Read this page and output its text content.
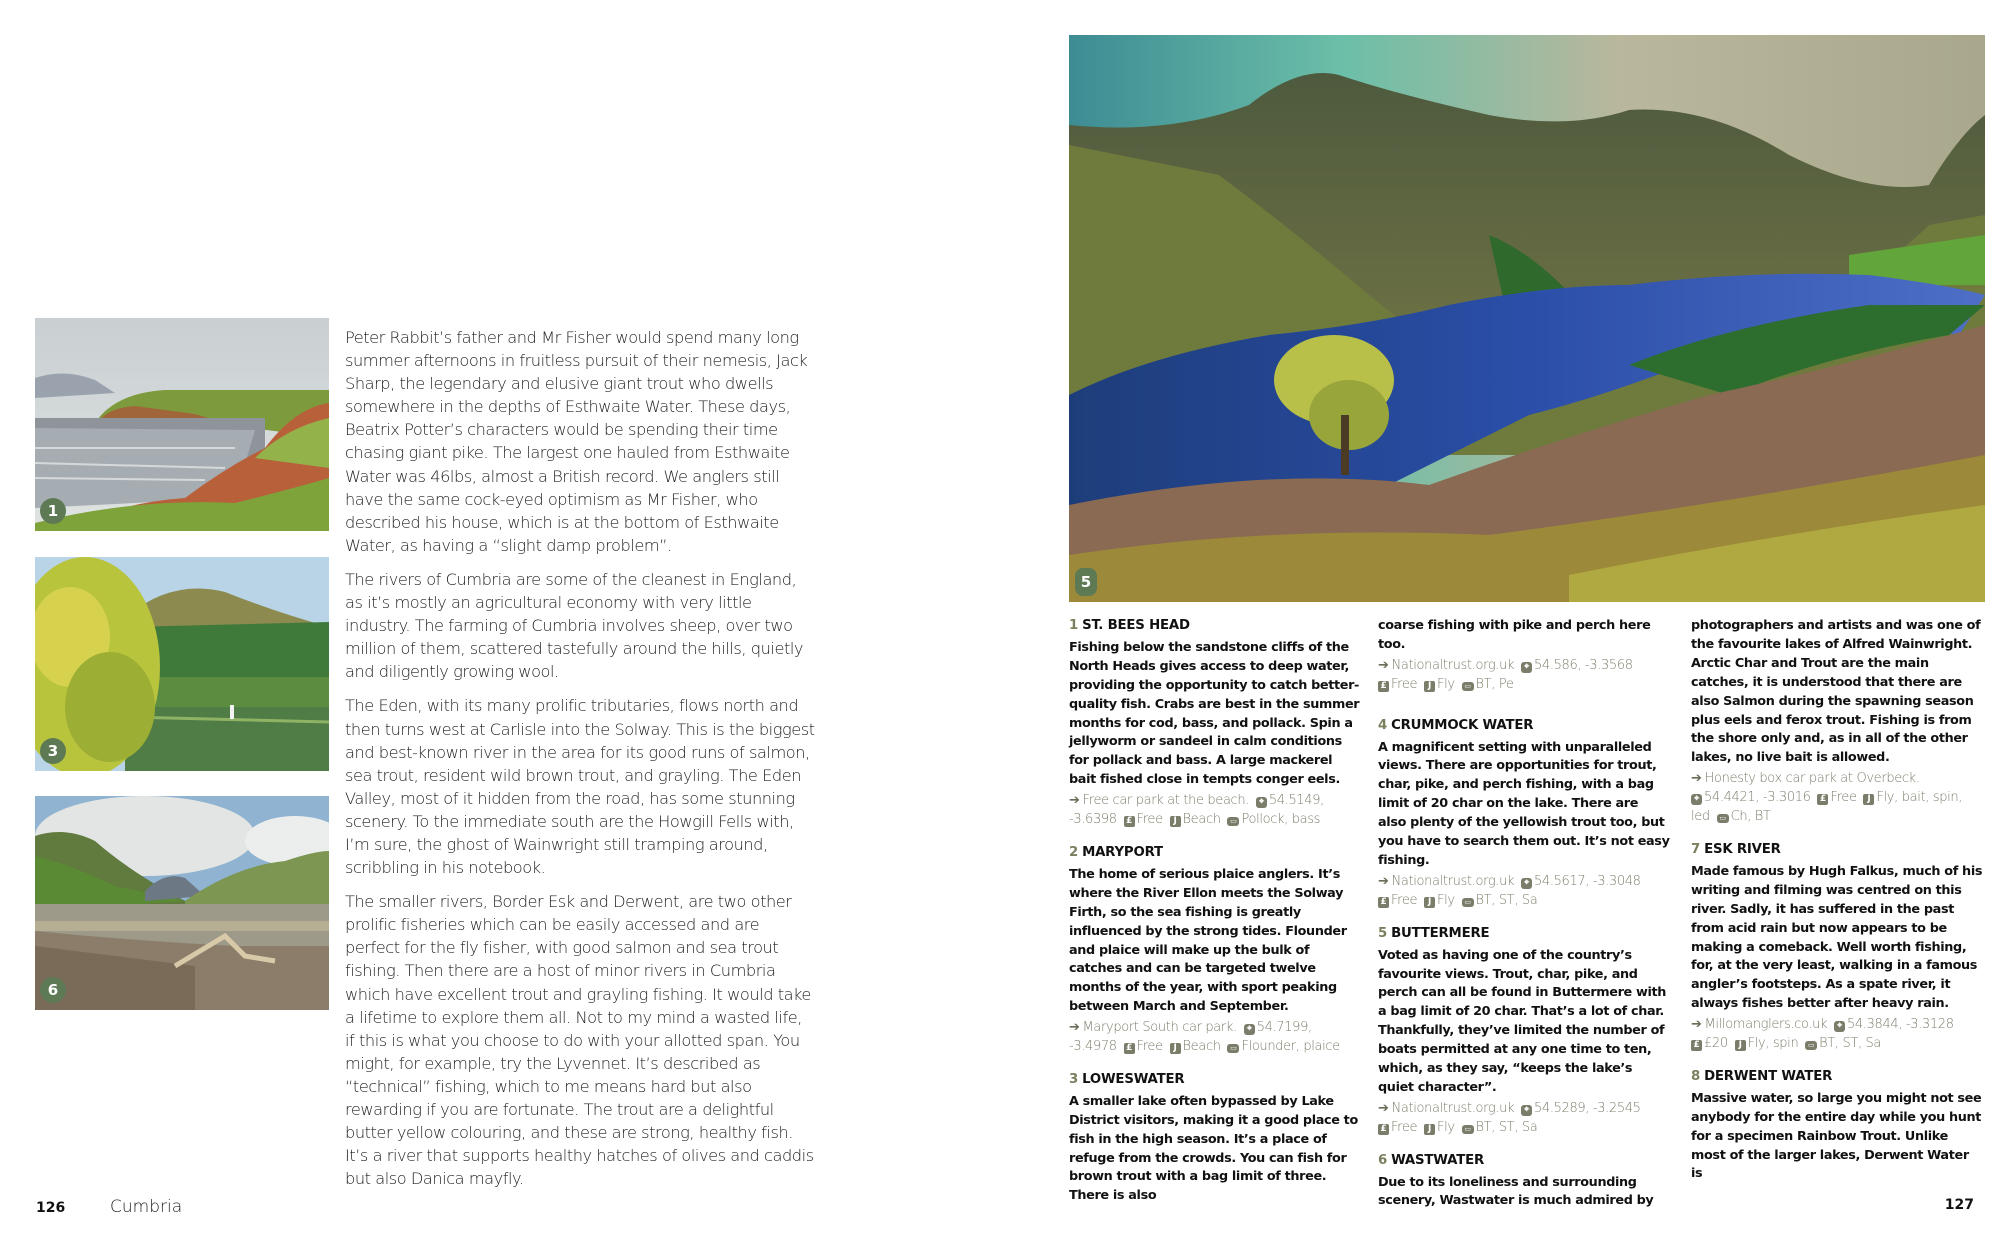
1
3
6

Peter Rabbit’s father and Mr Fisher would spend many long summer afternoons in fruitless pursuit of their nemesis, Jack Sharp, the legendary and elusive giant trout who dwells somewhere in the depths of Esthwaite Water. These days, Beatrix Potter’s characters would be spending their time chasing giant pike. The largest one hauled from Esthwaite Water was 46lbs, almost a British record. We anglers still have the same cock-eyed optimism as Mr Fisher, who described his house, which is at the bottom of Esthwaite Water, as having a “slight damp problem”.

The rivers of Cumbria are some of the cleanest in England, as it’s mostly an agricultural economy with very little industry. The farming of Cumbria involves sheep, over two million of them, scattered tastefully around the hills, quietly and diligently growing wool.

The Eden, with its many prolific tributaries, flows north and then turns west at Carlisle into the Solway. This is the biggest and best-known river in the area for its good runs of salmon, sea trout, resident wild brown trout, and grayling. The Eden Valley, most of it hidden from the road, has some stunning scenery. To the immediate south are the Howgill Fells with, I’m sure, the ghost of Wainwright still tramping around, scribbling in his notebook.

The smaller rivers, Border Esk and Derwent, are two other prolific fisheries which can be easily accessed and are perfect for the fly fisher, with good salmon and sea trout fishing. Then there are a host of minor rivers in Cumbria which have excellent trout and grayling fishing. It would take a lifetime to explore them all. Not to my mind a wasted life, if this is what you choose to do with your allotted span. You might, for example, try the Lyvennet. It’s described as “technical” fishing, which to me means hard but also rewarding if you are fortunate. The trout are a delightful butter yellow colouring, and these are strong, healthy fish. It’s a river that supports healthy hatches of olives and caddis but also Danica mayfly.

126	Cumbria
5
1 ST. BEES HEAD
Fishing below the sandstone cliffs of the North Heads gives access to deep water, providing the opportunity to catch better-quality fish. Crabs are best in the summer months for cod, bass, and pollack. Spin a jellyworm or sandeel in calm conditions for pollack and bass. A large mackerel bait fished close in tempts conger eels.
➔ Free car park at the beach. ⌖ 54.5149, -3.6398 £ Free J Beach ▭ Pollock, bass
2 MARYPORT
The home of serious plaice anglers. It’s where the River Ellon meets the Solway Firth, so the sea fishing is greatly influenced by the strong tides. Flounder and plaice will make up the bulk of catches and can be targeted twelve months of the year, with sport peaking between March and September.
➔ Maryport South car park. ⌖ 54.7199, -3.4978 £ Free J Beach ▭ Flounder, plaice
3 LOWESWATER
A smaller lake often bypassed by Lake District visitors, making it a good place to fish in the high season. It’s a place of refuge from the crowds. You can fish for brown trout with a bag limit of three. There is also
coarse fishing with pike and perch here too.
➔ Nationaltrust.org.uk ⌖ 54.586, -3.3568
£ Free J Fly ▭ BT, Pe
4 CRUMMOCK WATER
A magnificent setting with unparalleled views. There are opportunities for trout, char, pike, and perch fishing, with a bag limit of 20 char on the lake. There are also plenty of the yellowish trout too, but you have to search them out. It’s not easy fishing.
➔ Nationaltrust.org.uk ⌖ 54.5617, -3.3048
£ Free J Fly ▭ BT, ST, Sa
5 BUTTERMERE
Voted as having one of the country’s favourite views. Trout, char, pike, and perch can all be found in Buttermere with a bag limit of 20 char. That’s a lot of char. Thankfully, they’ve limited the number of boats permitted at any one time to ten, which, as they say, “keeps the lake’s quiet character”.
➔ Nationaltrust.org.uk ⌖ 54.5289, -3.2545
£ Free J Fly ▭ BT, ST, Sa
6 WASTWATER
Due to its loneliness and surrounding scenery, Wastwater is much admired by
photographers and artists and was one of the favourite lakes of Alfred Wainwright. Arctic Char and Trout are the main catches, it is understood that there are also Salmon during the spawning season plus eels and ferox trout. Fishing is from the shore only and, as in all of the other lakes, no live bait is allowed.
➔ Honesty box car park at Overbeck.
⌖ 54.4421, -3.3016 £ Free J Fly, bait, spin, led ▭ Ch, BT
7 ESK RIVER
Made famous by Hugh Falkus, much of his writing and filming was centred on this river. Sadly, it has suffered in the past from acid rain but now appears to be making a comeback. Well worth fishing, for, at the very least, walking in a famous angler’s footsteps. As a spate river, it always fishes better after heavy rain.
➔ Millomanglers.co.uk ⌖ 54.3844, -3.3128
£ £20 J Fly, spin ▭ BT, ST, Sa
8 DERWENT WATER
Massive water, so large you might not see anybody for the entire day while you hunt for a specimen Rainbow Trout. Unlike most of the larger lakes, Derwent Water is
127
